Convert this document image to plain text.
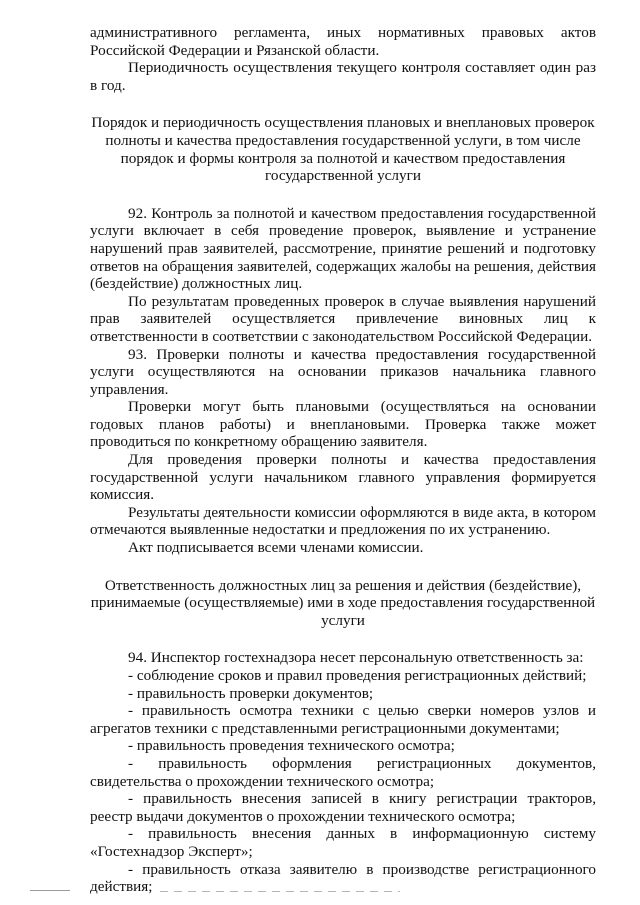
административного регламента, иных нормативных правовых актов Российской Федерации и Рязанской области.

Периодичность осуществления текущего контроля составляет один раз в год.

Порядок и периодичность осуществления плановых и внеплановых проверок полноты и качества предоставления государственной услуги, в том числе порядок и формы контроля за полнотой и качеством предоставления государственной услуги

92. Контроль за полнотой и качеством предоставления государственной услуги включает в себя проведение проверок, выявление и устранение нарушений прав заявителей, рассмотрение, принятие решений и подготовку ответов на обращения заявителей, содержащих жалобы на решения, действия (бездействие) должностных лиц.

По результатам проведенных проверок в случае выявления нарушений прав заявителей осуществляется привлечение виновных лиц к ответственности в соответствии с законодательством Российской Федерации.

93. Проверки полноты и качества предоставления государственной услуги осуществляются на основании приказов начальника главного управления.

Проверки могут быть плановыми (осуществляться на основании годовых планов работы) и внеплановыми. Проверка также может проводиться по конкретному обращению заявителя.

Для проведения проверки полноты и качества предоставления государственной услуги начальником главного управления формируется комиссия.

Результаты деятельности комиссии оформляются в виде акта, в котором отмечаются выявленные недостатки и предложения по их устранению.

Акт подписывается всеми членами комиссии.

Ответственность должностных лиц за решения и действия (бездействие), принимаемые (осуществляемые) ими в ходе предоставления государственной услуги

94. Инспектор гостехнадзора несет персональную ответственность за:

- соблюдение сроков и правил проведения регистрационных действий;

- правильность проверки документов;

- правильность осмотра техники с целью сверки номеров узлов и агрегатов техники с представленными регистрационными документами;

- правильность проведения технического осмотра;

- правильность оформления регистрационных документов, свидетельства о прохождении технического осмотра;

- правильность внесения записей в книгу регистрации тракторов, реестр выдачи документов о прохождении технического осмотра;

- правильность внесения данных в информационную систему «Гостехнадзор Эксперт»;

- правильность отказа заявителю в производстве регистрационного действия;
